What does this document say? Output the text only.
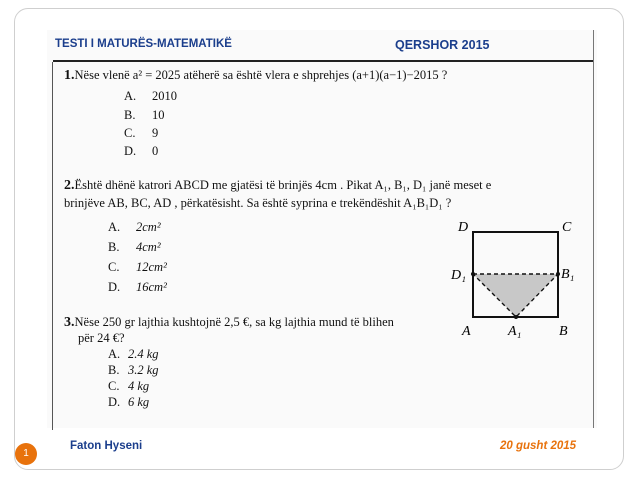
TESTI I MATURËS-MATEMATIKË	QERSHOR 2015
1.Nëse vlenë a² = 2025 atëherë sa është vlera e shprehjes (a+1)(a−1)−2015 ?
A. 2010
B. 10
C. 9
D. 0
2.Është dhënë katrori ABCD me gjatësi të brinjës 4cm . Pikat A₁, B₁, D₁ janë meset e
brinjëve AB, BC, AD , përkatësisht. Sa është syprina e trekëndëshit A₁B₁D₁ ?
A. 2cm²
B. 4cm²
C. 12cm²
D. 16cm²
D	C
D₁	B₁
A	A₁	B
3.Nëse 250 gr lajthia kushtojnë 2,5 €, sa kg lajthia mund të blihen
për 24 €?
A. 2.4 kg
B. 3.2 kg
C. 4 kg
D. 6 kg
1
Faton Hyseni	20 gusht 2015
